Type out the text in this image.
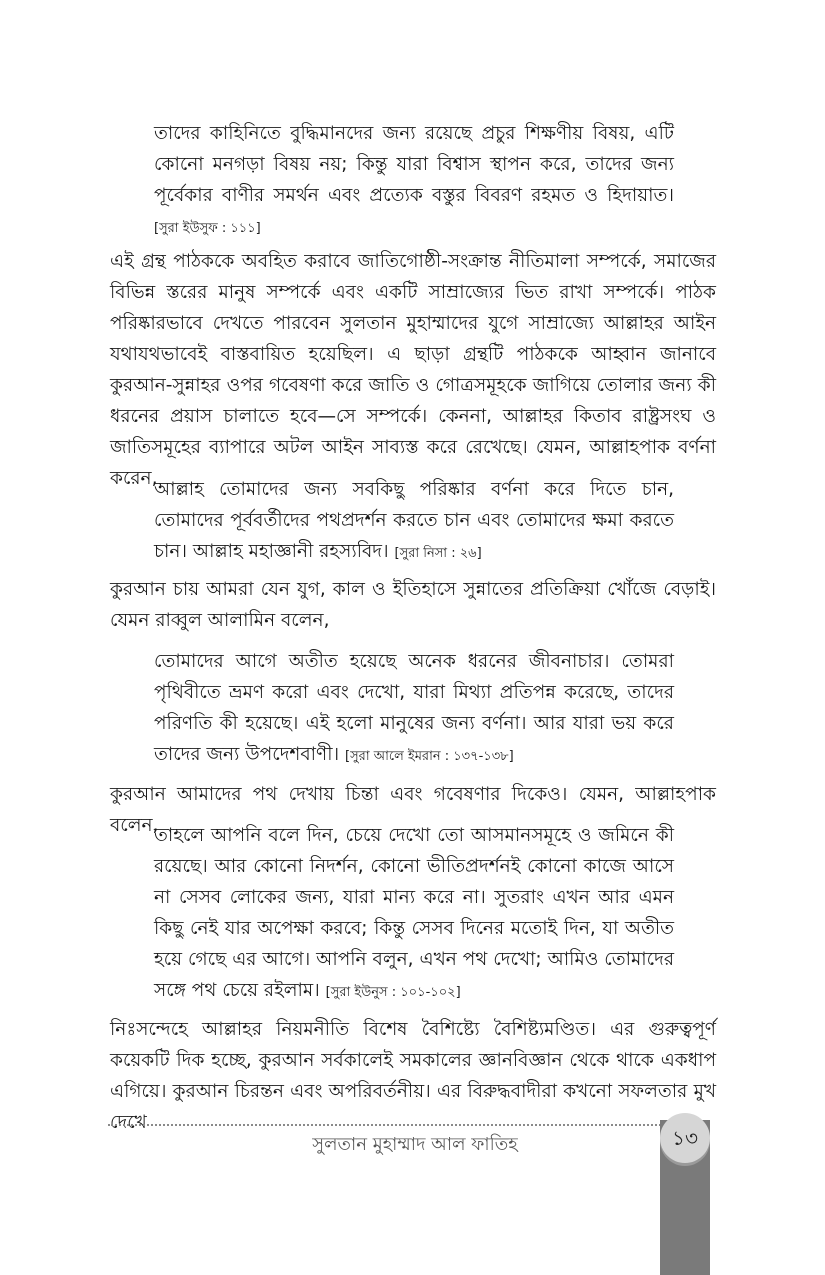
তাদের কাহিনিতে বুদ্ধিমানদের জন্য রয়েছে প্রচুর শিক্ষণীয় বিষয়, এটি কোনো মনগড়া বিষয় নয়; কিন্তু যারা বিশ্বাস স্থাপন করে, তাদের জন্য পূর্বেকার বাণীর সমর্থন এবং প্রত্যেক বস্তুর বিবরণ রহমত ও হিদায়াত। [সুরা ইউসুফ : ১১১]
এই গ্রন্থ পাঠককে অবহিত করাবে জাতিগোষ্ঠী-সংক্রান্ত নীতিমালা সম্পর্কে, সমাজের বিভিন্ন স্তরের মানুষ সম্পর্কে এবং একটি সাম্রাজ্যের ভিত রাখা সম্পর্কে। পাঠক পরিষ্কারভাবে দেখতে পারবেন সুলতান মুহাম্মাদের যুগে সাম্রাজ্যে আল্লাহর আইন যথাযথভাবেই বাস্তবায়িত হয়েছিল। এ ছাড়া গ্রন্থটি পাঠককে আহ্বান জানাবে কুরআন-সুন্নাহর ওপর গবেষণা করে জাতি ও গোত্রসমূহকে জাগিয়ে তোলার জন্য কী ধরনের প্রয়াস চালাতে হবে—সে সম্পর্কে। কেননা, আল্লাহর কিতাব রাষ্ট্রসংঘ ও জাতিসমূহের ব্যাপারে অটল আইন সাব্যস্ত করে রেখেছে। যেমন, আল্লাহপাক বর্ণনা করেন,
আল্লাহ তোমাদের জন্য সবকিছু পরিষ্কার বর্ণনা করে দিতে চান, তোমাদের পূর্ববর্তীদের পথপ্রদর্শন করতে চান এবং তোমাদের ক্ষমা করতে চান। আল্লাহ মহাজ্ঞানী রহস্যবিদ। [সুরা নিসা : ২৬]
কুরআন চায় আমরা যেন যুগ, কাল ও ইতিহাসে সুন্নাতের প্রতিক্রিয়া খোঁজে বেড়াই। যেমন রাব্বুল আলামিন বলেন,
তোমাদের আগে অতীত হয়েছে অনেক ধরনের জীবনাচার। তোমরা পৃথিবীতে ভ্রমণ করো এবং দেখো, যারা মিথ্যা প্রতিপন্ন করেছে, তাদের পরিণতি কী হয়েছে। এই হলো মানুষের জন্য বর্ণনা। আর যারা ভয় করে তাদের জন্য উপদেশবাণী। [সুরা আলে ইমরান : ১৩৭-১৩৮]
কুরআন আমাদের পথ দেখায় চিন্তা এবং গবেষণার দিকেও। যেমন, আল্লাহপাক বলেন,
তাহলে আপনি বলে দিন, চেয়ে দেখো তো আসমানসমূহে ও জমিনে কী রয়েছে। আর কোনো নিদর্শন, কোনো ভীতিপ্রদর্শনই কোনো কাজে আসে না সেসব লোকের জন্য, যারা মান্য করে না। সুতরাং এখন আর এমন কিছু নেই যার অপেক্ষা করবে; কিন্তু সেসব দিনের মতোই দিন, যা অতীত হয়ে গেছে এর আগে। আপনি বলুন, এখন পথ দেখো; আমিও তোমাদের সঙ্গে পথ চেয়ে রইলাম। [সুরা ইউনুস : ১০১-১০২]
নিঃসন্দেহে আল্লাহর নিয়মনীতি বিশেষ বৈশিষ্ট্যে বৈশিষ্ট্যমণ্ডিত। এর গুরুত্বপূর্ণ কয়েকটি দিক হচ্ছে, কুরআন সর্বকালেই সমকালের জ্ঞানবিজ্ঞান থেকে থাকে একধাপ এগিয়ে। কুরআন চিরন্তন এবং অপরিবর্তনীয়। এর বিরুদ্ধবাদীরা কখনো সফলতার মুখ দেখে
সুলতান মুহাম্মাদ আল ফাতিহ	১৩
